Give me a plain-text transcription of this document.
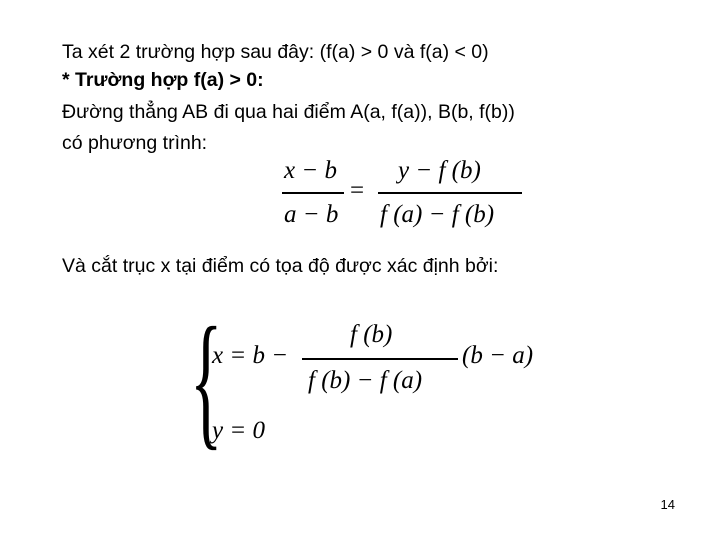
Ta xét 2 trường hợp sau đây: (f(a) > 0 và f(a) < 0)
* Trường hợp f(a) > 0:
Đường thẳng AB đi qua hai điểm A(a, f(a)), B(b, f(b))
có phương trình:
x − b
a − b
=
y − f (b)
f (a) − f (b)
Và cắt trục x tại điểm có tọa độ được xác định bởi:
{
x = b −
f (b)
f (b) − f (a)
(b − a)
y = 0
14
